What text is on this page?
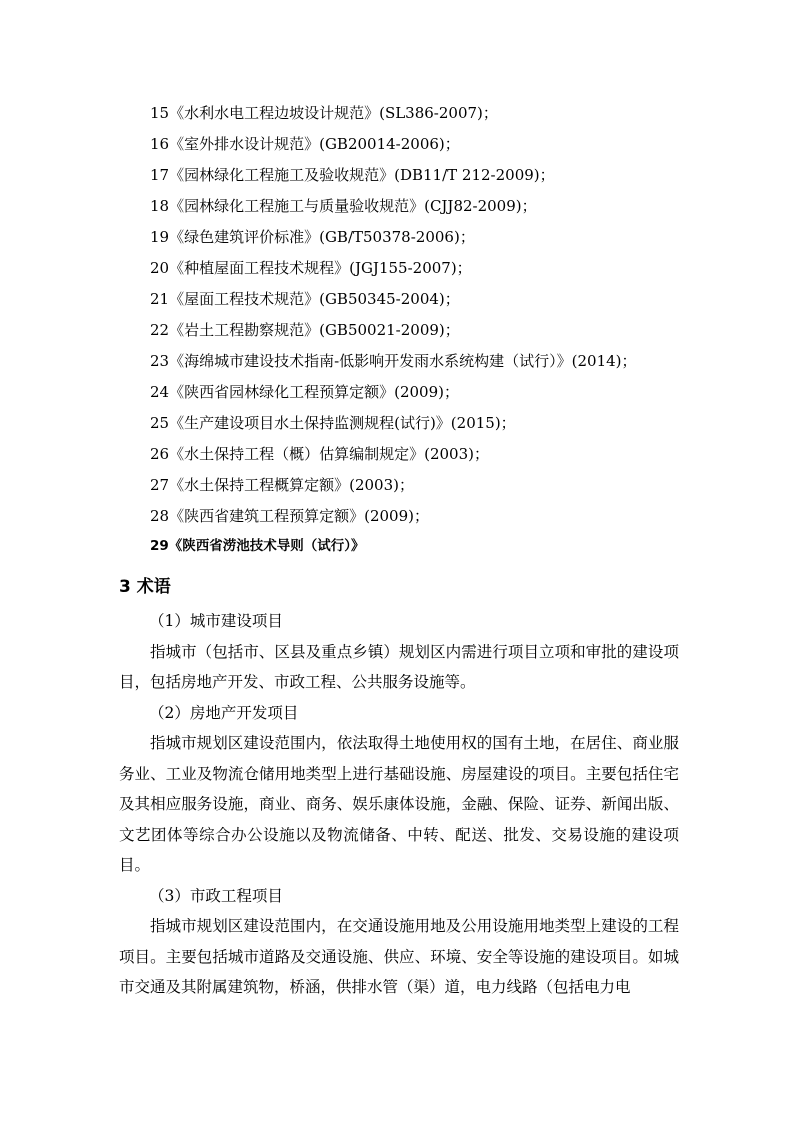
15《水利水电工程边坡设计规范》(SL386-2007)；
16《室外排水设计规范》(GB20014-2006)；
17《园林绿化工程施工及验收规范》(DB11/T 212-2009)；
18《园林绿化工程施工与质量验收规范》(CJJ82-2009)；
19《绿色建筑评价标准》(GB/T50378-2006)；
20《种植屋面工程技术规程》(JGJ155-2007)；
21《屋面工程技术规范》(GB50345-2004)；
22《岩土工程勘察规范》(GB50021-2009)；
23《海绵城市建设技术指南-低影响开发雨水系统构建（试行）》(2014)；
24《陕西省园林绿化工程预算定额》(2009)；
25《生产建设项目水土保持监测规程(试行)》(2015)；
26《水土保持工程（概）估算编制规定》(2003)；
27《水土保持工程概算定额》(2003)；
28《陕西省建筑工程预算定额》(2009)；
29《陕西省涝池技术导则（试行）》
3 术语

（1）城市建设项目

指城市（包括市、区县及重点乡镇）规划区内需进行项目立项和审批的建设项目，包括房地产开发、市政工程、公共服务设施等。

（2）房地产开发项目

指城市规划区建设范围内，依法取得土地使用权的国有土地，在居住、商业服务业、工业及物流仓储用地类型上进行基础设施、房屋建设的项目。主要包括住宅及其相应服务设施，商业、商务、娱乐康体设施，金融、保险、证券、新闻出版、文艺团体等综合办公设施以及物流储备、中转、配送、批发、交易设施的建设项目。

（3）市政工程项目

指城市规划区建设范围内，在交通设施用地及公用设施用地类型上建设的工程项目。主要包括城市道路及交通设施、供应、环境、安全等设施的建设项目。如城市交通及其附属建筑物，桥涵，供排水管（渠）道，电力线路（包括电力电
